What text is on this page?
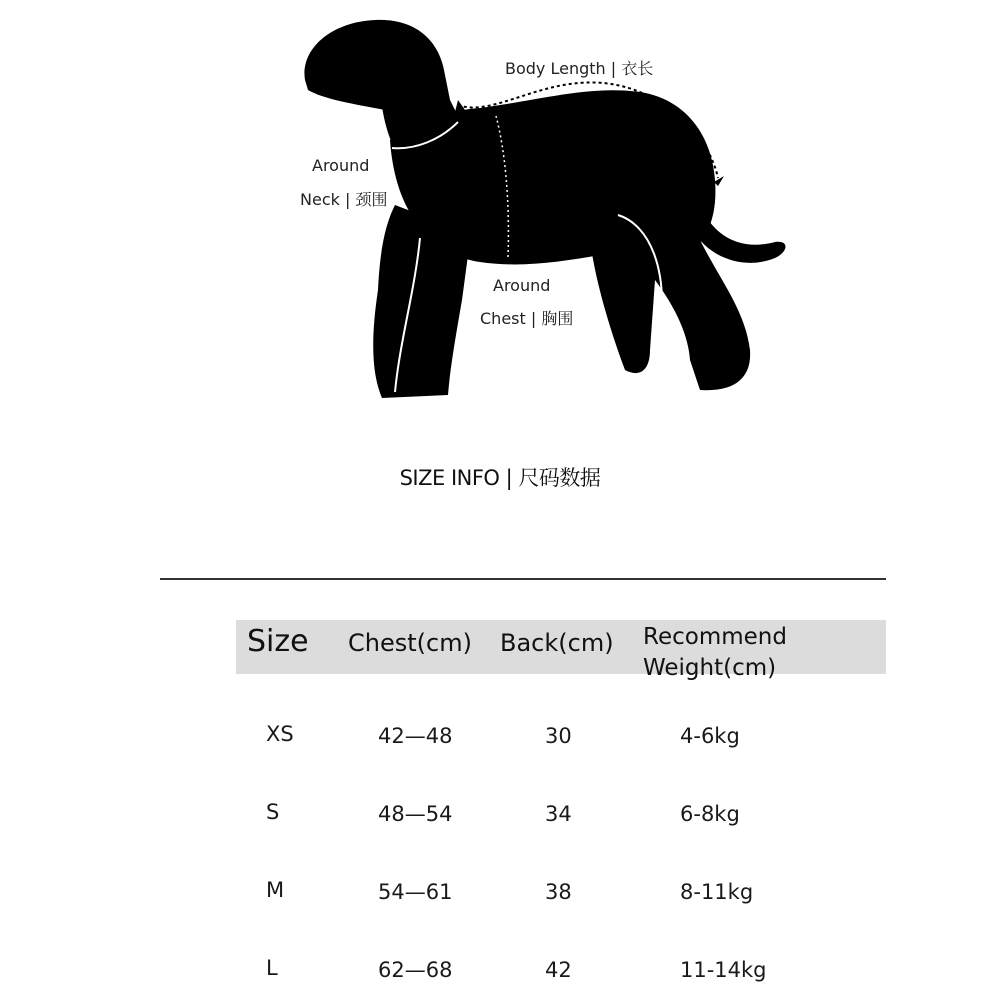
Body Length | 衣长
Around
Neck | 颈围
Around
Chest | 胸围
SIZE INFO | 尺码数据
Size Chest(cm) Back(cm) Recommend
Weight(cm)
XS	42—48	30	4-6kg
S	48—54	34	6-8kg
M	54—61	38	8-11kg
L	62—68	42	11-14kg
